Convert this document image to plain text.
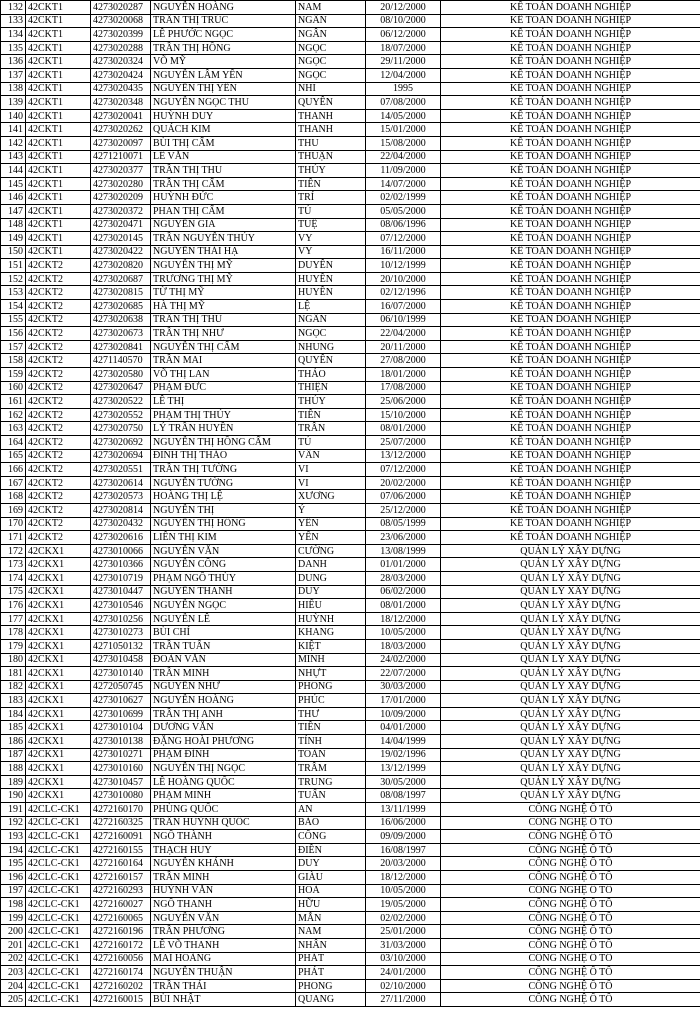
132	42CKT1	4273020287	NGUYỄN HOÀNG	NAM	20/12/2000	KẾ TOÁN DOANH NGHIỆP
133	42CKT1	4273020068	TRẦN THỊ TRÚC	NGÂN	08/10/2000	KẾ TOÁN DOANH NGHIỆP
134	42CKT1	4273020399	LÊ PHƯỚC NGỌC	NGÂN	06/12/2000	KẾ TOÁN DOANH NGHIỆP
135	42CKT1	4273020288	TRẦN THỊ HỒNG	NGỌC	18/07/2000	KẾ TOÁN DOANH NGHIỆP
136	42CKT1	4273020324	VÕ MỸ	NGỌC	29/11/2000	KẾ TOÁN DOANH NGHIỆP
137	42CKT1	4273020424	NGUYỄN LÂM YẾN	NGỌC	12/04/2000	KẾ TOÁN DOANH NGHIỆP
138	42CKT1	4273020435	NGUYỄN THỊ YẾN	NHI	1995	KẾ TOÁN DOANH NGHIỆP
139	42CKT1	4273020348	NGUYỄN NGỌC THU	QUYÊN	07/08/2000	KẾ TOÁN DOANH NGHIỆP
140	42CKT1	4273020041	HUỲNH DUY	THANH	14/05/2000	KẾ TOÁN DOANH NGHIỆP
141	42CKT1	4273020262	QUÁCH KIM	THANH	15/01/2000	KẾ TOÁN DOANH NGHIỆP
142	42CKT1	4273020097	BÙI THỊ CẨM	THU	15/08/2000	KẾ TOÁN DOANH NGHIỆP
143	42CKT1	4271210071	LÊ VĂN	THUẬN	22/04/2000	KẾ TOÁN DOANH NGHIỆP
144	42CKT1	4273020377	TRẦN THỊ THU	THÚY	11/09/2000	KẾ TOÁN DOANH NGHIỆP
145	42CKT1	4273020280	TRẦN THỊ CẨM	TIÊN	14/07/2000	KẾ TOÁN DOANH NGHIỆP
146	42CKT1	4273020209	HUỲNH ĐỨC	TRÍ	02/02/1999	KẾ TOÁN DOANH NGHIỆP
147	42CKT1	4273020372	PHAN THỊ CẨM	TÚ	05/05/2000	KẾ TOÁN DOANH NGHIỆP
148	42CKT1	4273020471	NGUYỄN GIA	TUỆ	08/06/1996	KẾ TOÁN DOANH NGHIỆP
149	42CKT1	4273020145	TRẦN NGUYỄN THÚY	VY	07/12/2000	KẾ TOÁN DOANH NGHIỆP
150	42CKT1	4273020422	NGUYỄN THÁI HẠ	VY	16/11/2000	KẾ TOÁN DOANH NGHIỆP
151	42CKT2	4273020820	NGUYỄN THỊ MỸ	DUYÊN	10/12/1999	KẾ TOÁN DOANH NGHIỆP
152	42CKT2	4273020687	TRƯƠNG THỊ MỸ	HUYỀN	20/10/2000	KẾ TOÁN DOANH NGHIỆP
153	42CKT2	4273020815	TỪ THỊ MỸ	HUYỀN	02/12/1996	KẾ TOÁN DOANH NGHIỆP
154	42CKT2	4273020685	HÀ THỊ MỸ	LỆ	16/07/2000	KẾ TOÁN DOANH NGHIỆP
155	42CKT2	4273020638	TRẦN THỊ THU	NGÂN	06/10/1999	KẾ TOÁN DOANH NGHIỆP
156	42CKT2	4273020673	TRẦN THỊ NHƯ	NGỌC	22/04/2000	KẾ TOÁN DOANH NGHIỆP
157	42CKT2	4273020841	NGUYỄN THỊ CẨM	NHUNG	20/11/2000	KẾ TOÁN DOANH NGHIỆP
158	42CKT2	4271140570	TRẦN MAI	QUYÊN	27/08/2000	KẾ TOÁN DOANH NGHIỆP
159	42CKT2	4273020580	VÕ THỊ LAN	THẢO	18/01/2000	KẾ TOÁN DOANH NGHIỆP
160	42CKT2	4273020647	PHẠM ĐỨC	THIỆN	17/08/2000	KẾ TOÁN DOANH NGHIỆP
161	42CKT2	4273020522	LÊ THỊ	THÚY	25/06/2000	KẾ TOÁN DOANH NGHIỆP
162	42CKT2	4273020552	PHẠM THỊ THÚY	TIÊN	15/10/2000	KẾ TOÁN DOANH NGHIỆP
163	42CKT2	4273020750	LÝ TRẦN HUYỀN	TRÂN	08/01/2000	KẾ TOÁN DOANH NGHIỆP
164	42CKT2	4273020692	NGUYỄN THỊ HỒNG CẨM	TÚ	25/07/2000	KẾ TOÁN DOANH NGHIỆP
165	42CKT2	4273020694	ĐINH THỊ THẢO	VÂN	13/12/2000	KẾ TOÁN DOANH NGHIỆP
166	42CKT2	4273020551	TRẦN THỊ TƯỜNG	VI	07/12/2000	KẾ TOÁN DOANH NGHIỆP
167	42CKT2	4273020614	NGUYỄN TƯỜNG	VI	20/02/2000	KẾ TOÁN DOANH NGHIỆP
168	42CKT2	4273020573	HOÀNG THỊ LỆ	XƯƠNG	07/06/2000	KẾ TOÁN DOANH NGHIỆP
169	42CKT2	4273020814	NGUYỄN THỊ	Ý	25/12/2000	KẾ TOÁN DOANH NGHIỆP
170	42CKT2	4273020432	NGUYỄN THỊ HỒNG	YẾN	08/05/1999	KẾ TOÁN DOANH NGHIỆP
171	42CKT2	4273020616	LIÊN THỊ KIM	YẾN	23/06/2000	KẾ TOÁN DOANH NGHIỆP
172	42CKX1	4273010066	NGUYỄN VĂN	CƯỜNG	13/08/1999	QUẢN LÝ XÂY DỰNG
173	42CKX1	4273010366	NGUYỄN CÔNG	DANH	01/01/2000	QUẢN LÝ XÂY DỰNG
174	42CKX1	4273010719	PHẠM NGÔ THÙY	DUNG	28/03/2000	QUẢN LÝ XÂY DỰNG
175	42CKX1	4273010447	NGUYỄN THANH	DUY	06/02/2000	QUẢN LÝ XÂY DỰNG
176	42CKX1	4273010546	NGUYỄN NGỌC	HIẾU	08/01/2000	QUẢN LÝ XÂY DỰNG
177	42CKX1	4273010256	NGUYỄN LÊ	HUỲNH	18/12/2000	QUẢN LÝ XÂY DỰNG
178	42CKX1	4273010273	BÙI CHÍ	KHANG	10/05/2000	QUẢN LÝ XÂY DỰNG
179	42CKX1	4271050132	TRẦN TUẤN	KIỆT	18/03/2000	QUẢN LÝ XÂY DỰNG
180	42CKX1	4273010458	ĐOÀN VĂN	MINH	24/02/2000	QUẢN LÝ XÂY DỰNG
181	42CKX1	4273010140	TRẦN MINH	NHỰT	22/07/2000	QUẢN LÝ XÂY DỰNG
182	42CKX1	4272050745	NGUYỄN NHƯ	PHONG	30/03/2000	QUẢN LÝ XÂY DỰNG
183	42CKX1	4273010627	NGUYỄN HOÀNG	PHÚC	17/01/2000	QUẢN LÝ XÂY DỰNG
184	42CKX1	4273010699	TRẦN THỊ ANH	THƯ	10/09/2000	QUẢN LÝ XÂY DỰNG
185	42CKX1	4273010104	DƯƠNG VĂN	TIỀN	04/01/2000	QUẢN LÝ XÂY DỰNG
186	42CKX1	4273010138	ĐẶNG HOÀI PHƯƠNG	TÍNH	14/04/1999	QUẢN LÝ XÂY DỰNG
187	42CKX1	4273010271	PHẠM ĐÌNH	TOÀN	19/02/1996	QUẢN LÝ XÂY DỰNG
188	42CKX1	4273010160	NGUYỄN THỊ NGỌC	TRÂM	13/12/1999	QUẢN LÝ XÂY DỰNG
189	42CKX1	4273010457	LÊ HOÀNG QUỐC	TRUNG	30/05/2000	QUẢN LÝ XÂY DỰNG
190	42CKX1	4273010080	PHẠM MINH	TUẤN	08/08/1997	QUẢN LÝ XÂY DỰNG
191	42CLC-CK1	4272160170	PHÙNG QUỐC	AN	13/11/1999	CÔNG NGHỆ Ô TÔ
192	42CLC-CK1	4272160325	TRẦN HUỲNH QUỐC	BẢO	16/06/2000	CÔNG NGHỆ Ô TÔ
193	42CLC-CK1	4272160091	NGÔ THÀNH	CÔNG	09/09/2000	CÔNG NGHỆ Ô TÔ
194	42CLC-CK1	4272160155	THẠCH HUY	ĐIỀN	16/08/1997	CÔNG NGHỆ Ô TÔ
195	42CLC-CK1	4272160164	NGUYỄN KHÁNH	DUY	20/03/2000	CÔNG NGHỆ Ô TÔ
196	42CLC-CK1	4272160157	TRẦN MINH	GIÀU	18/12/2000	CÔNG NGHỆ Ô TÔ
197	42CLC-CK1	4272160293	HUỲNH VĂN	HOÀ	10/05/2000	CÔNG NGHỆ Ô TÔ
198	42CLC-CK1	4272160027	NGÔ THANH	HỮU	19/05/2000	CÔNG NGHỆ Ô TÔ
199	42CLC-CK1	4272160065	NGUYỄN VĂN	MẪN	02/02/2000	CÔNG NGHỆ Ô TÔ
200	42CLC-CK1	4272160196	TRẦN PHƯƠNG	NAM	25/01/2000	CÔNG NGHỆ Ô TÔ
201	42CLC-CK1	4272160172	LÊ VÕ THANH	NHÂN	31/03/2000	CÔNG NGHỆ Ô TÔ
202	42CLC-CK1	4272160056	MAI HOÀNG	PHÁT	03/10/2000	CÔNG NGHỆ Ô TÔ
203	42CLC-CK1	4272160174	NGUYỄN THUẬN	PHÁT	24/01/2000	CÔNG NGHỆ Ô TÔ
204	42CLC-CK1	4272160202	TRẦN THÁI	PHONG	02/10/2000	CÔNG NGHỆ Ô TÔ
205	42CLC-CK1	4272160015	BÙI NHẬT	QUANG	27/11/2000	CÔNG NGHỆ Ô TÔ
